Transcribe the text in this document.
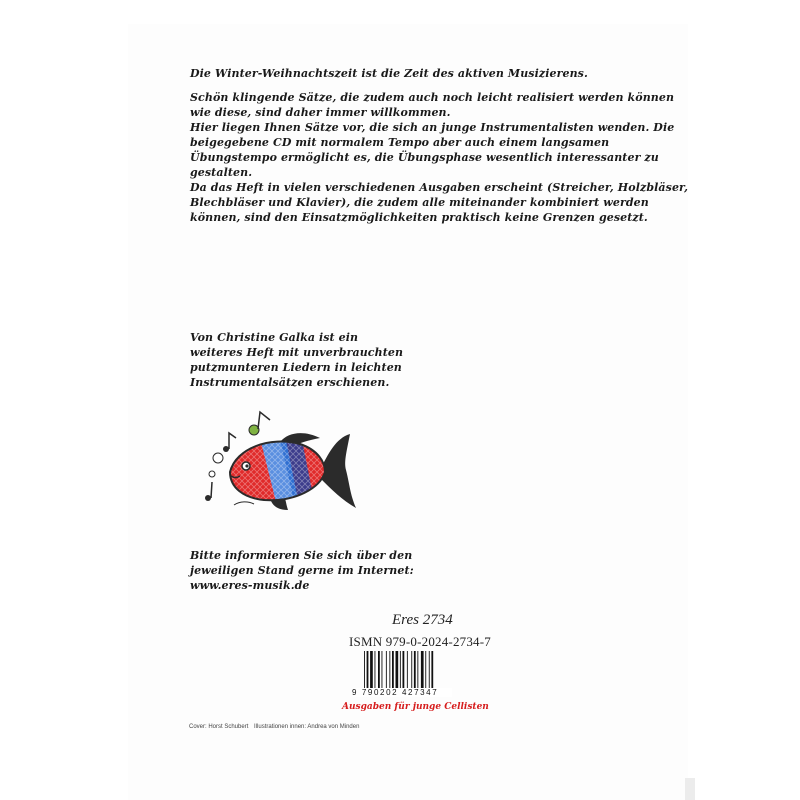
Die Winter-Weihnachtszeit ist die Zeit des aktiven Musizierens.

Schön klingende Sätze, die zudem auch noch leicht realisiert werden können

wie diese, sind daher immer willkommen.

Hier liegen Ihnen Sätze vor, die sich an junge Instrumentalisten wenden. Die

beigegebene CD mit normalem Tempo aber auch einem langsamen

Übungstempo ermöglicht es, die Übungsphase wesentlich interessanter zu

gestalten.

Da das Heft in vielen verschiedenen Ausgaben erscheint (Streicher, Holzbläser,

Blechbläser und Klavier), die zudem alle miteinander kombiniert werden

können, sind den Einsatzmöglichkeiten praktisch keine Grenzen gesetzt.

Von Christine Galka ist ein

weiteres Heft mit unverbrauchten

putzmunteren Liedern in leichten

Instrumentalsätzen erschienen.

Bitte informieren Sie sich über den

jeweiligen Stand gerne im Internet:

www.eres-musik.de

Eres 2734
ISMN 979-0-2024-2734-7
9 790202 427347
Ausgaben für junge Cellisten
Cover: Horst Schubert Illustrationen innen: Andrea von Minden
